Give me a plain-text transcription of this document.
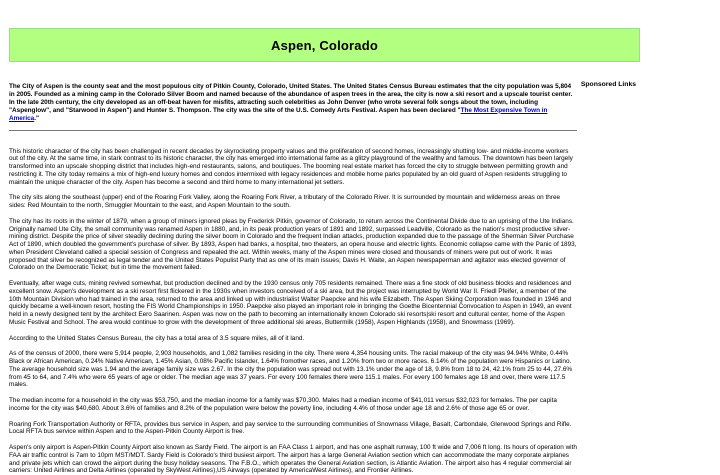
Aspen, Colorado
Sponsored Links

The City of Aspen is the county seat and the most populous city of Pitkin County, Colorado, United States. The United States Census Bureau estimates that the city population was 5,804 in 2005. Founded as a mining camp in the Colorado Silver Boom and named because of the abundance of aspen trees in the area, the city is now a ski resort and a upscale tourist center. In the late 20th century, the city developed as an off-beat haven for misfits, attracting such celebrities as John Denver (who wrote several folk songs about the town, including "Aspenglow", and "Starwood in Aspen") and Hunter S. Thompson. The city was the site of the U.S. Comedy Arts Festival. Aspen has been declared "The Most Expensive Town in America."

This historic character of the city has been challenged in recent decades by skyrocketing property values and the proliferation of second homes, increasingly shutting low- and middle-income workers out of the city. At the same time, in stark contrast to its historic character, the city has emerged into international fame as a glitzy playground of the wealthy and famous. The downtown has been largely transformed into an upscale shopping district that includes high-end restaurants, salons, and boutiques. The booming real estate market has forced the city to struggle between permitting growth and restricting it. The city today remains a mix of high-end luxury homes and condos intermixed with legacy residences and mobile home parks populated by an old guard of Aspen residents struggling to maintain the unique character of the city. Aspen has become a second and third home to many international jet setters.

The city sits along the southeast (upper) end of the Roaring Fork Valley, along the Roaring Fork River, a tributary of the Colorado River. It is surrounded by mountain and wilderness areas on three sides: Red Mountain to the north, Smuggler Mountain to the east, and Aspen Mountain to the south.

The city has its roots in the winter of 1879, when a group of miners ignored pleas by Frederick Pitkin, governor of Colorado, to return across the Continental Divide due to an uprising of the Ute Indians. Originally named Ute City, the small community was renamed Aspen in 1880, and, in its peak production years of 1891 and 1892, surpassed Leadville, Colorado as the nation's most productive silver-mining district. Despite the price of silver steadily declining during the silver boom in Colorado and the frequent Indian attacks, production expanded due to the passage of the Sherman Silver Purchase Act of 1890, which doubled the government's purchase of silver. By 1893, Aspen had banks, a hospital, two theaters, an opera house and electric lights. Economic collapse came with the Panic of 1893, when President Cleveland called a special session of Congress and repealed the act. Within weeks, many of the Aspen mines were closed and thousands of miners were put out of work. It was proposed that silver be recognized as legal tender and the United States Populist Party that as one of its main issues; Davis H. Waite, an Aspen newspaperman and agitator was elected governor of Colorado on the Democratic Ticket; but in time the movement failed.

Eventually, after wage cuts, mining revived somewhat, but production declined and by the 1930 census only 705 residents remained. There was a fine stock of old business blocks and residences and excellent snow. Aspen's development as a ski resort first flickered in the 1930s when investors conceived of a ski area, but the project was interrupted by World War II. Friedl Pfeifer, a member of the 10th Mountain Division who had trained in the area, returned to the area and linked up with industrialist Walter Paepcke and his wife Elizabeth. The Aspen Skiing Corporation was founded in 1946 and quickly became a well-known resort, hosting the FIS World Championships in 1950. Paepcke also played an important role in bringing the Goethe Bicentennial Convocation to Aspen in 1949, an event held in a newly designed tent by the architect Eero Saarinen. Aspen was now on the path to becoming an internationally known Colorado ski resorts|ski resort and cultural center, home of the Aspen Music Festival and School. The area would continue to grow with the development of three additional ski areas, Buttermilk (1958), Aspen Highlands (1958), and Snowmass (1969).

According to the United States Census Bureau, the city has a total area of 3.5 square miles, all of it land.

As of the census of 2000, there were 5,914 people, 2,903 households, and 1,082 families residing in the city. There were 4,354 housing units. The racial makeup of the city was 94.94% White, 0.44% Black or African American, 0.24% Native American, 1.45% Asian, 0.08% Pacific Islander, 1.64% fromother races, and 1.20% from two or more races. 6.14% of the population were Hispanics or Latino. The average household size was 1.94 and the average family size was 2.67. In the city the population was spread out with 13.1% under the age of 18, 9.8% from 18 to 24, 42.1% from 25 to 44, 27.6% from 45 to 64, and 7.4% who were 65 years of age or older. The median age was 37 years. For every 100 females there were 115.1 males. For every 100 females age 18 and over, there were 117.5 males.

The median income for a household in the city was $53,750, and the median income for a family was $70,300. Males had a median income of $41,011 versus $32,023 for females. The per capita income for the city was $40,680. About 3.6% of families and 8.2% of the population were below the poverty line, including 4.4% of those under age 18 and 2.6% of those age 65 or over.

Roaring Fork Transportation Authority or RFTA, provides bus service in Aspen, and pay service to the surrounding communities of Snowmass Village, Basalt, Carbondale, Glenwood Springs and Rifle. Local RFTA bus service within Aspen and to the Aspen-Pitkin County Airport is free.

Aspen's only airport is Aspen-Pitkin County Airport also known as Sardy Field. The airport is an FAA Class 1 airport, and has one asphalt runway, 100 ft wide and 7,006 ft long. Its hours of operation with FAA air traffic control is 7am to 10pm MST/MDT. Sardy Field is Colorado's third busiest airport. The airport has a large General Aviation section which can accommodate the many corporate airplanes and private jets which can crowd the airport during the busy holiday seasons. The F.B.O., which operates the General Aviation section, is Atlantic Aviation. The airport also has 4 regular commercial air carriers: United Airlines and Delta Airlines (operated by SkyWest Airlines),US Airways (operated by AmericaWest Airlines), and Frontier Airlines.
